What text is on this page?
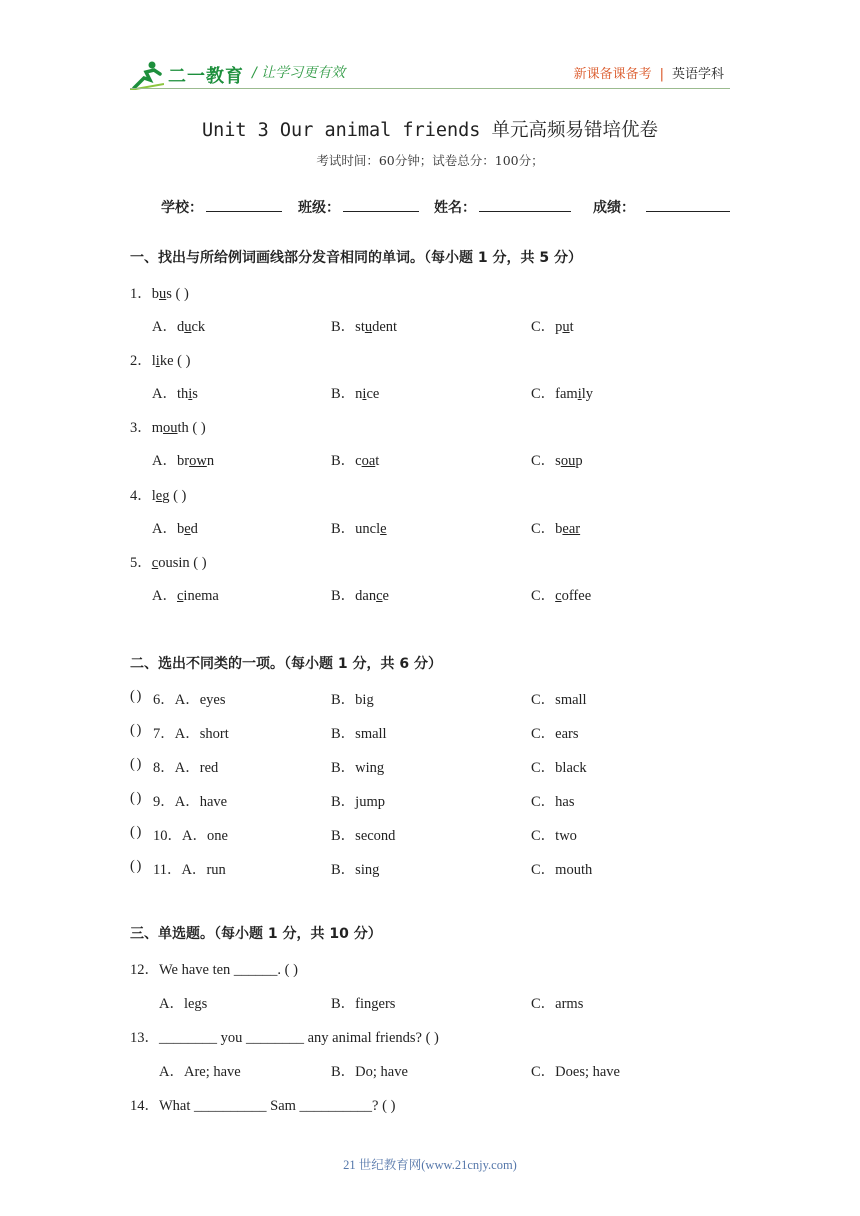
二一教育 / 让学习更有效	新课备课备考 | 英语学科
Unit 3 Our animal friends 单元高频易错培优卷
考试时间：60分钟；试卷总分：100分；
学校：	班级：	姓名：	成绩：
一、找出与所给例词画线部分发音相同的单词。（每小题 1 分，共 5 分）
1．bus ( )
A．duck	B．student	C．put
2．like ( )
A．this	B．nice	C．family
3．mouth ( )
A．brown	B．coat	C．soup
4．leg ( )
A．bed	B．uncle	C．bear
5．cousin ( )
A．cinema	B．dance	C．coffee
二、选出不同类的一项。（每小题 1 分，共 6 分）
( ) 6．A．eyes	B．big	C．small
( ) 7．A．short	B．small	C．ears
( ) 8．A．red	B．wing	C．black
( ) 9．A．have	B．jump	C．has
( ) 10．A．one	B．second	C．two
( ) 11．A．run	B．sing	C．mouth
三、单选题。（每小题 1 分，共 10 分）
12．We have ten ______. ( )
A．legs	B．fingers	C．arms
13．________ you ________ any animal friends? ( )
A．Are; have	B．Do; have	C．Does; have
14．What __________ Sam __________? ( )
21 世纪教育网(www.21cnjy.com)
